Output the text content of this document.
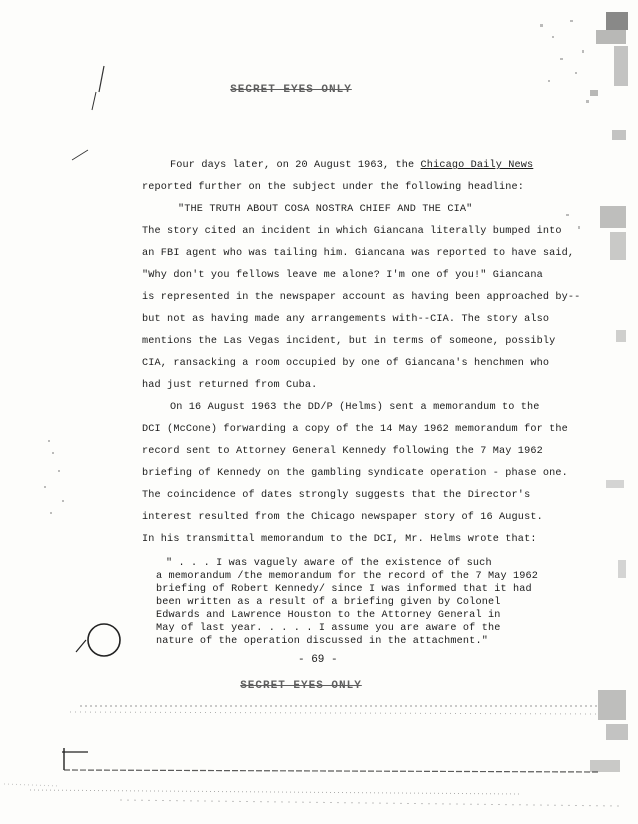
SECRET EYES ONLY
Four days later, on 20 August 1963, the Chicago Daily News
reported further on the subject under the following headline:
"THE TRUTH ABOUT COSA NOSTRA CHIEF AND THE CIA"
The story cited an incident in which Giancana literally bumped into
an FBI agent who was tailing him. Giancana was reported to have said,
"Why don't you fellows leave me alone? I'm one of you!" Giancana
is represented in the newspaper account as having been approached by--
but not as having made any arrangements with--CIA. The story also
mentions the Las Vegas incident, but in terms of someone, possibly
CIA, ransacking a room occupied by one of Giancana's henchmen who
had just returned from Cuba.
On 16 August 1963 the DD/P (Helms) sent a memorandum to the
DCI (McCone) forwarding a copy of the 14 May 1962 memorandum for the
record sent to Attorney General Kennedy following the 7 May 1962
briefing of Kennedy on the gambling syndicate operation - phase one.
The coincidence of dates strongly suggests that the Director's
interest resulted from the Chicago newspaper story of 16 August.
In his transmittal memorandum to the DCI, Mr. Helms wrote that:
" . . . I was vaguely aware of the existence of such
a memorandum /the memorandum for the record of the 7 May 1962
briefing of Robert Kennedy/ since I was informed that it had
been written as a result of a briefing given by Colonel
Edwards and Lawrence Houston to the Attorney General in
May of last year. . . . . I assume you are aware of the
nature of the operation discussed in the attachment."
- 69 -
SECRET EYES ONLY
